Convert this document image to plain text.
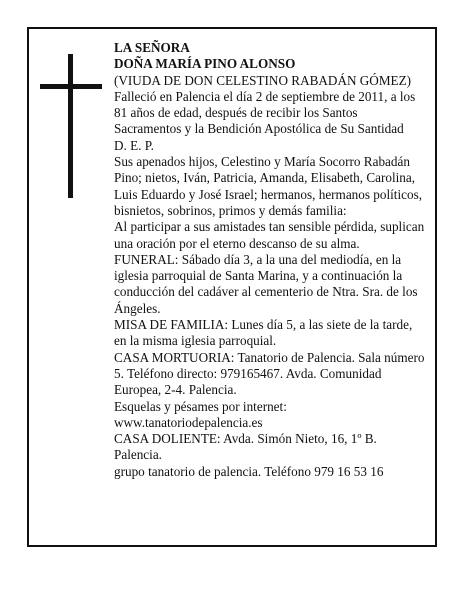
LA SEÑORA

DOÑA MARÍA PINO ALONSO

(VIUDA DE DON CELESTINO RABADÁN GÓMEZ)

Falleció en Palencia el día 2 de septiembre de 2011, a los 81 años de edad, después de recibir los Santos Sacramentos y la Bendición Apostólica de Su Santidad

D. E. P.

Sus apenados hijos, Celestino y María Socorro Rabadán Pino; nietos, Iván, Patricia, Amanda, Elisabeth, Carolina, Luis Eduardo y José Israel; hermanos, hermanos políticos, bisnietos, sobrinos, primos y demás familia:

Al participar a sus amistades tan sensible pérdida, suplican una oración por el eterno descanso de su alma.

FUNERAL: Sábado día 3, a la una del mediodía, en la iglesia parroquial de Santa Marina, y a continuación la conducción del cadáver al cementerio de Ntra. Sra. de los Ángeles.

MISA DE FAMILIA: Lunes día 5, a las siete de la tarde, en la misma iglesia parroquial.

CASA MORTUORIA: Tanatorio de Palencia. Sala número 5. Teléfono directo: 979165467. Avda. Comunidad Europea, 2-4. Palencia.

Esquelas y pésames por internet:

www.tanatoriodepalencia.es

CASA DOLIENTE: Avda. Simón Nieto, 16, 1º B. Palencia.

grupo tanatorio de palencia. Teléfono 979 16 53 16
